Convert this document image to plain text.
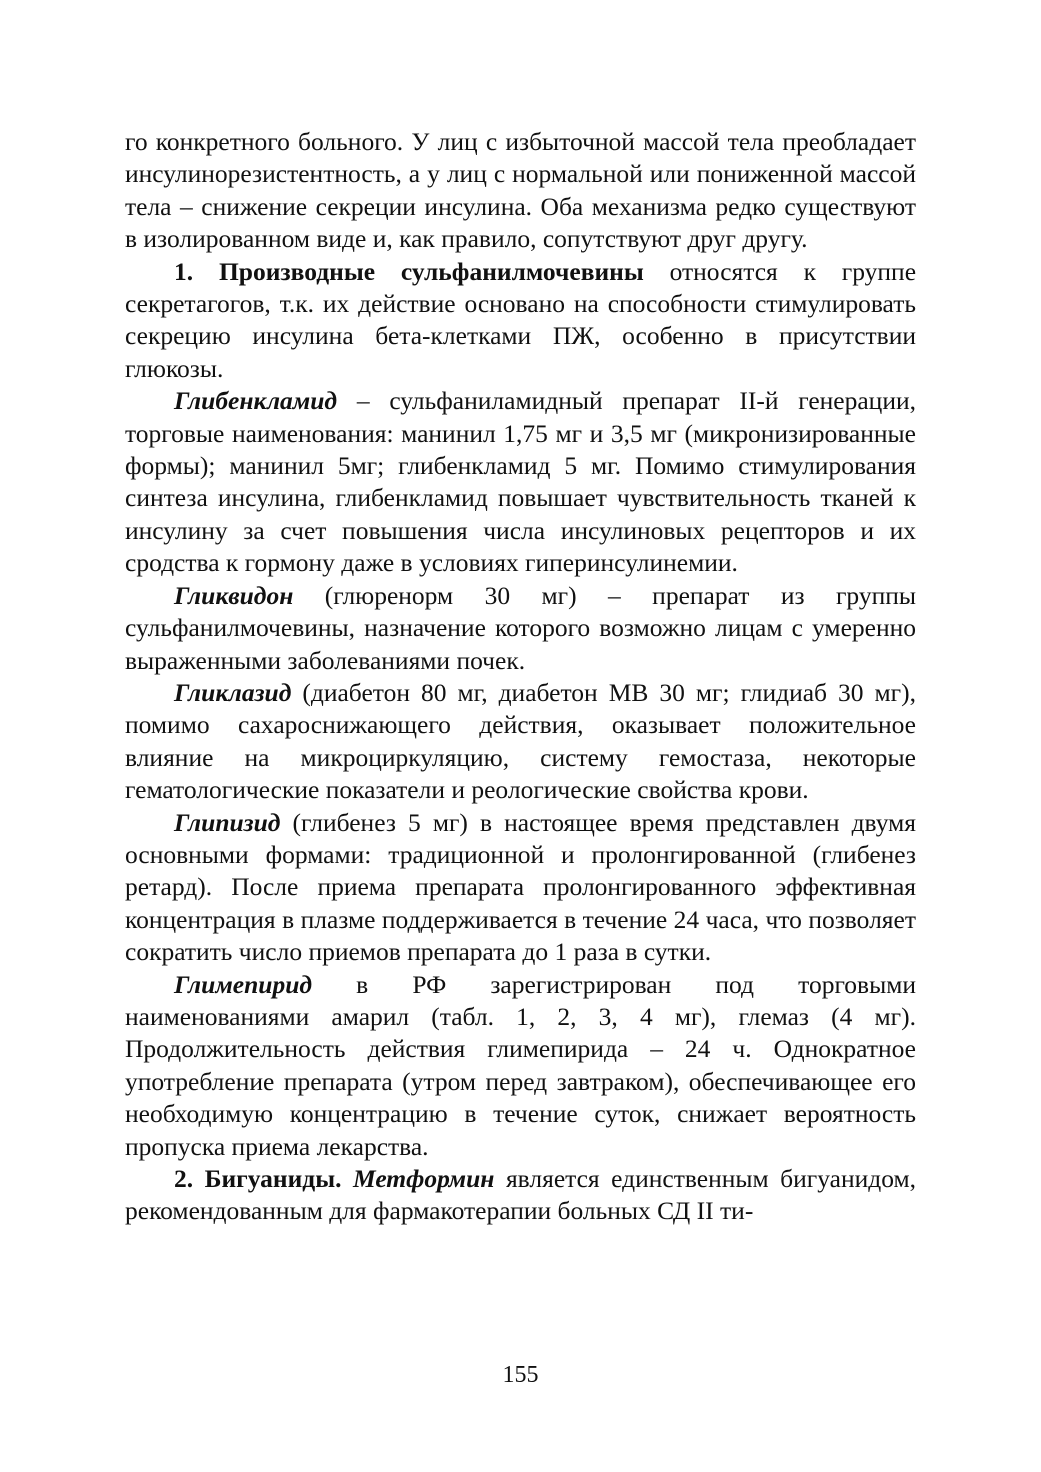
го конкретного больного. У лиц с избыточной массой тела преобладает инсулинорезистентность, а у лиц с нормальной или пониженной массой тела – снижение секреции инсулина. Оба механизма редко существуют в изолированном виде и, как правило, сопутствуют друг другу.

1. Производные сульфанилмочевины относятся к группе секретагогов, т.к. их действие основано на способности стимулировать секрецию инсулина бета-клетками ПЖ, особенно в присутствии глюкозы.

Глибенкламид – сульфаниламидный препарат II-й генерации, торговые наименования: манинил 1,75 мг и 3,5 мг (микронизированные формы); манинил 5мг; глибенкламид 5 мг. Помимо стимулирования синтеза инсулина, глибенкламид повышает чувствительность тканей к инсулину за счет повышения числа инсулиновых рецепторов и их сродства к гормону даже в условиях гиперинсулинемии.

Гликвидон (глюренорм 30 мг) – препарат из группы сульфанилмочевины, назначение которого возможно лицам с умеренно выраженными заболеваниями почек.

Гликлазид (диабетон 80 мг, диабетон МВ 30 мг; глидиаб 30 мг), помимо сахароснижающего действия, оказывает положительное влияние на микроциркуляцию, систему гемостаза, некоторые гематологические показатели и реологические свойства крови.

Глипизид (глибенез 5 мг) в настоящее время представлен двумя основными формами: традиционной и пролонгированной (глибенез ретард). После приема препарата пролонгированного эффективная концентрация в плазме поддерживается в течение 24 часа, что позволяет сократить число приемов препарата до 1 раза в сутки.

Глимепирид в РФ зарегистрирован под торговыми наименованиями амарил (табл. 1, 2, 3, 4 мг), глемаз (4 мг). Продолжительность действия глимепирида – 24 ч. Однократное употребление препарата (утром перед завтраком), обеспечивающее его необходимую концентрацию в течение суток, снижает вероятность пропуска приема лекарства.

2. Бигуаниды. Метформин является единственным бигуанидом, рекомендованным для фармакотерапии больных СД II ти-

155
